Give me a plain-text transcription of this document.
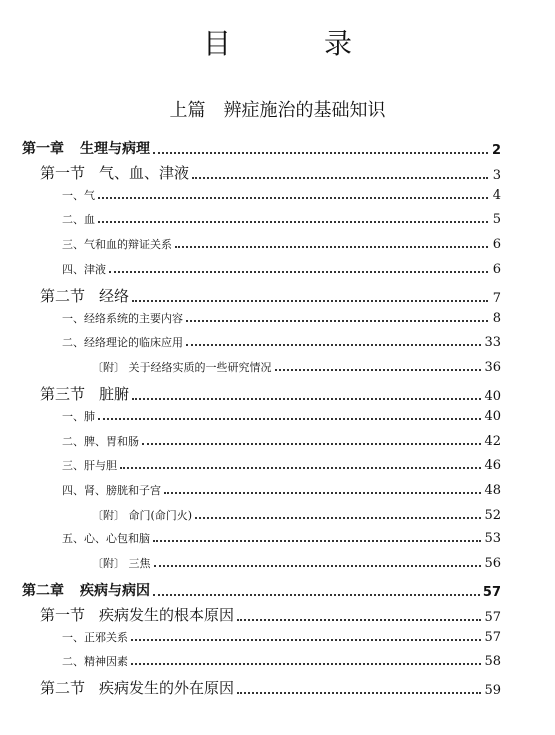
目 录
上篇 辨症施治的基础知识
第一章 生理与病理	2
第一节 气、血、津液	3
一、气	4
二、血	5
三、气和血的辩证关系	6
四、津液	6
第二节 经络	7
一、经络系统的主要内容	8
二、经络理论的临床应用	33
〔附〕 关于经络实质的一些研究情况	36
第三节 脏腑	40
一、肺	40
二、脾、胃和肠	42
三、肝与胆	46
四、肾、膀胱和子宫	48
〔附〕 命门(命门火)	52
五、心、心包和脑	53
〔附〕 三焦	56
第二章 疾病与病因	57
第一节 疾病发生的根本原因	57
一、正邪关系	57
二、精神因素	58
第二节 疾病发生的外在原因	59
